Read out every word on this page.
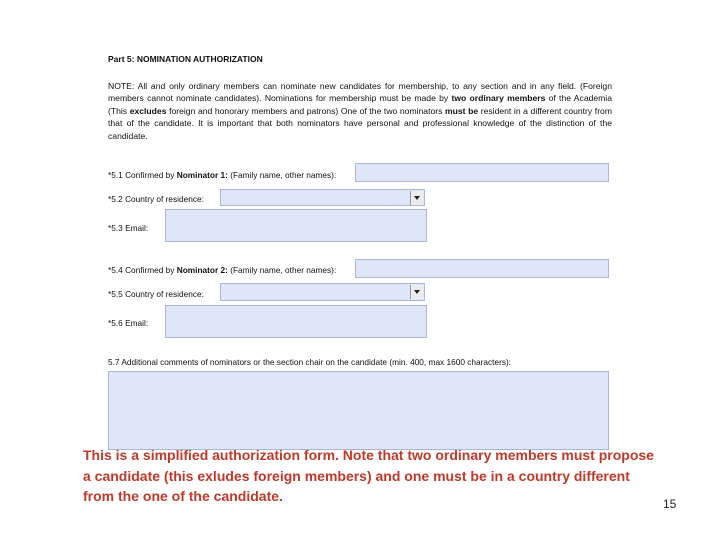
Part 5: NOMINATION AUTHORIZATION
NOTE: All and only ordinary members can nominate new candidates for membership, to any section and in any field. (Foreign members cannot nominate candidates). Nominations for membership must be made by two ordinary members of the Academia (This excludes foreign and honorary members and patrons) One of the two nominators must be resident in a different country from that of the candidate. It is important that both nominators have personal and professional knowledge of the distinction of the candidate.
*5.1 Confirmed by Nominator 1: (Family name, other names):
*5.2 Country of residence:
*5.3 Email:
*5.4 Confirmed by Nominator 2: (Family name, other names):
*5.5 Country of residence:
*5.6 Email:
5.7 Additional comments of nominators or the section chair on the candidate (min. 400, max 1600 characters):
This is a simplified authorization form. Note that two ordinary members must propose a candidate (this exludes foreign members) and one must be in a country different from the one of the candidate.	15
